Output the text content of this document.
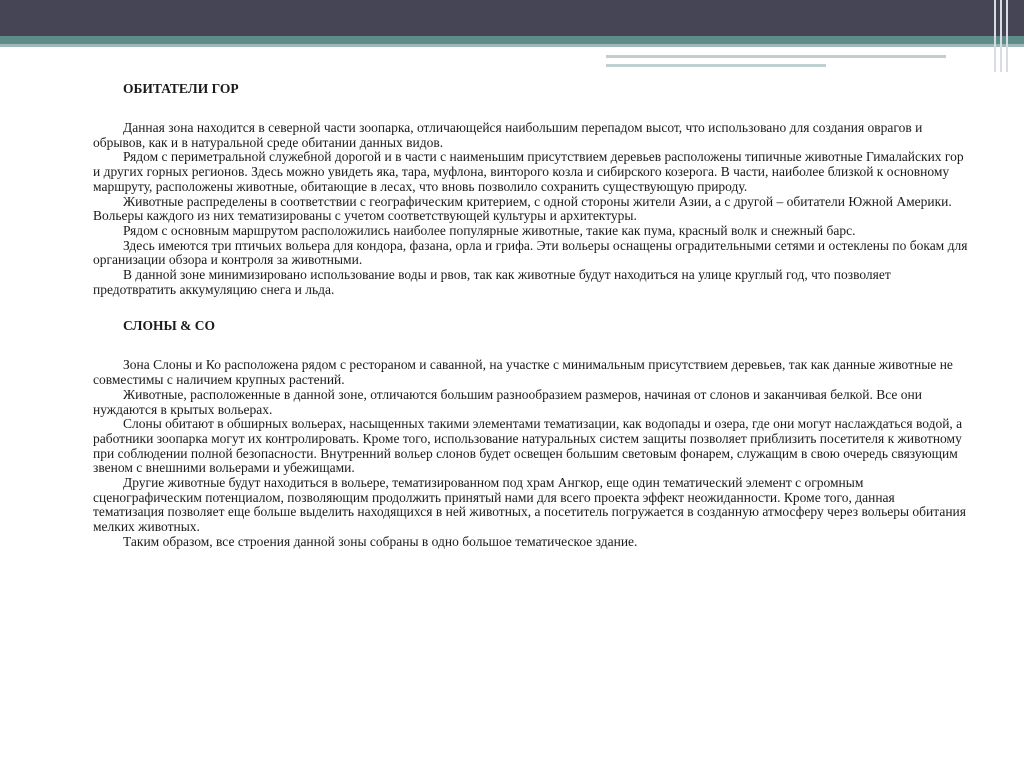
ОБИТАТЕЛИ ГОР

Данная зона находится в северной части зоопарка, отличающейся наибольшим перепадом высот, что использовано для создания оврагов и обрывов, как и в натуральной среде обитании данных видов.

Рядом с периметральной служебной дорогой и в части с наименьшим присутствием деревьев расположены типичные животные Гималайских гор и других горных регионов. Здесь можно увидеть яка, тара, муфлона, винторого козла и сибирского козерога. В части, наиболее близкой к основному маршруту, расположены животные, обитающие в лесах, что вновь позволило сохранить существующую природу.

Животные распределены в соответствии с географическим критерием, с одной стороны жители Азии, а с другой – обитатели Южной Америки. Вольеры каждого из них тематизированы с учетом соответствующей культуры и архитектуры.

Рядом с основным маршрутом расположились наиболее популярные животные, такие как пума, красный волк и снежный барс.

Здесь имеются три птичьих вольера для кондора, фазана, орла и грифа. Эти вольеры оснащены оградительными сетями и остеклены по бокам для организации обзора и контроля за животными.

В данной зоне минимизировано использование воды и рвов, так как животные будут находиться на улице круглый год, что позволяет предотвратить аккумуляцию снега и льда.

СЛОНЫ & CO

Зона Слоны и Ко расположена рядом с рестораном и саванной, на участке с минимальным присутствием деревьев, так как данные животные не совместимы с наличием крупных растений.

Животные, расположенные в данной зоне, отличаются большим разнообразием размеров, начиная от слонов и заканчивая белкой. Все они нуждаются в крытых вольерах.

Слоны обитают в обширных вольерах, насыщенных такими элементами тематизации, как водопады и озера, где они могут наслаждаться водой, а работники зоопарка могут их контролировать. Кроме того, использование натуральных систем защиты позволяет приблизить посетителя к животному при соблюдении полной безопасности. Внутренний вольер слонов будет освещен большим световым фонарем, служащим в свою очередь связующим звеном с внешними вольерами и убежищами.

Другие животные будут находиться в вольере, тематизированном под храм Ангкор, еще один тематический элемент с огромным сценографическим потенциалом, позволяющим продолжить принятый нами для всего проекта эффект неожиданности. Кроме того, данная тематизация позволяет еще больше выделить находящихся в ней животных, а посетитель погружается в созданную атмосферу через вольеры обитания мелких животных.

Таким образом, все строения данной зоны собраны в одно большое тематическое здание.
